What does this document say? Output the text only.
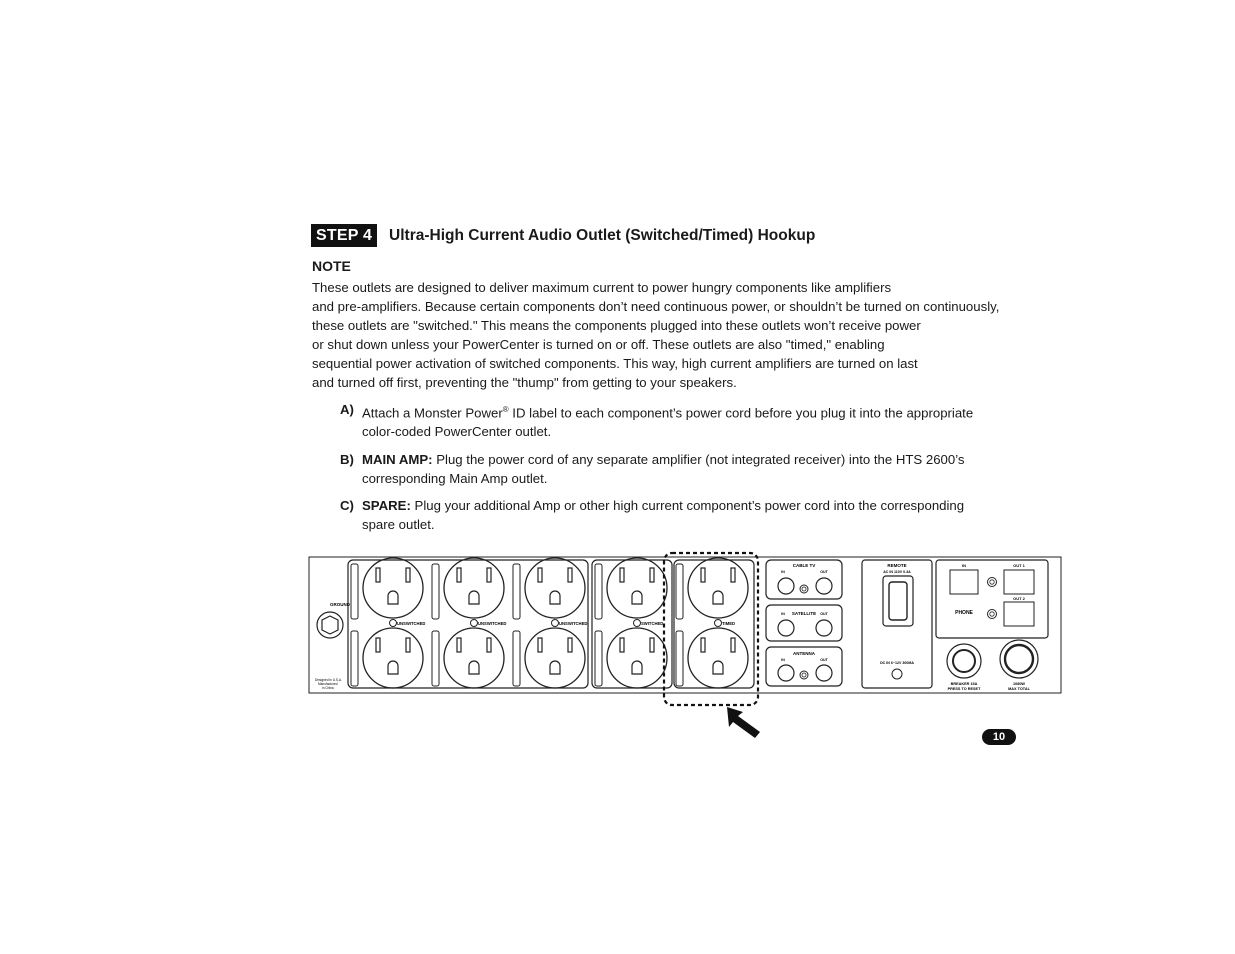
STEP 4	Ultra-High Current Audio Outlet (Switched/Timed) Hookup
NOTE
These outlets are designed to deliver maximum current to power hungry components like amplifiers
and pre-amplifiers. Because certain components don’t need continuous power, or shouldn’t be turned on continuously,
these outlets are "switched." This means the components plugged into these outlets won’t receive power
or shut down unless your PowerCenter is turned on or off. These outlets are also "timed," enabling
sequential power activation of switched components. This way, high current amplifiers are turned on last
and turned off first, preventing the "thump" from getting to your speakers.
A) Attach a Monster Power® ID label to each component’s power cord before you plug it into the appropriate
color-coded PowerCenter outlet.
B) MAIN AMP: Plug the power cord of any separate amplifier (not integrated receiver) into the HTS 2600’s
corresponding Main Amp outlet.
C) SPARE: Plug your additional Amp or other high current component’s power cord into the corresponding
spare outlet.
GROUND
Designed in U.S.A.
Manufactured
in China
UNSWITCHED	UNSWITCHED	UNSWITCHED	SWITCHED	TIMED
CABLE TV
IN	OUT
IN SATELLITE OUT
ANTENNA
IN	OUT
REMOTE
AC IN 110V 0.3A
DC IN 6~12V 300MA
IN	OUT 1
OUT 2
PHONE
BREAKER 15A
PRESS TO RESET
1080W
MAX TOTAL
10
